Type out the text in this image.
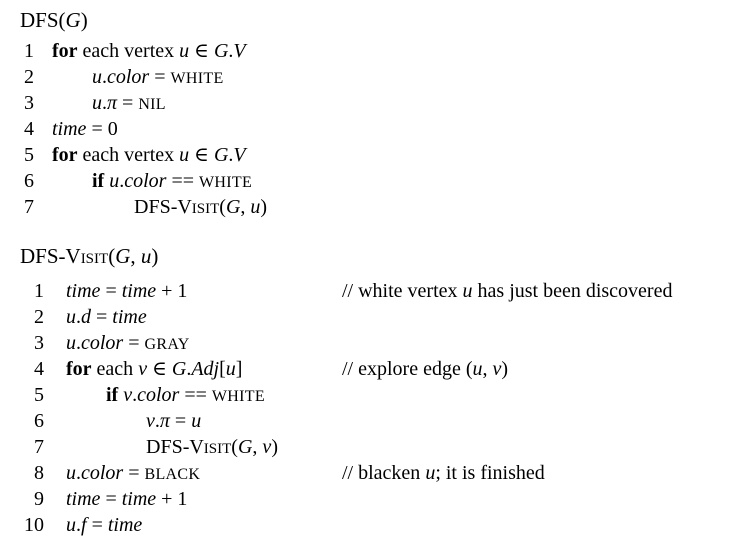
DFS(G)
1 for each vertex u ∈ G.V
2	u.color = WHITE
3	u.π = NIL
4 time = 0
5 for each vertex u ∈ G.V
6	if u.color == WHITE
7	DFS-VISIT(G, u)
DFS-VISIT(G, u)
1 time = time + 1	// white vertex u has just been discovered
2 u.d = time
3 u.color = GRAY
4 for each v ∈ G.Adj[u]	// explore edge (u, v)
5	if v.color == WHITE
6	v.π = u
7	DFS-VISIT(G, v)
8 u.color = BLACK	// blacken u; it is finished
9 time = time + 1
10 u.f = time
